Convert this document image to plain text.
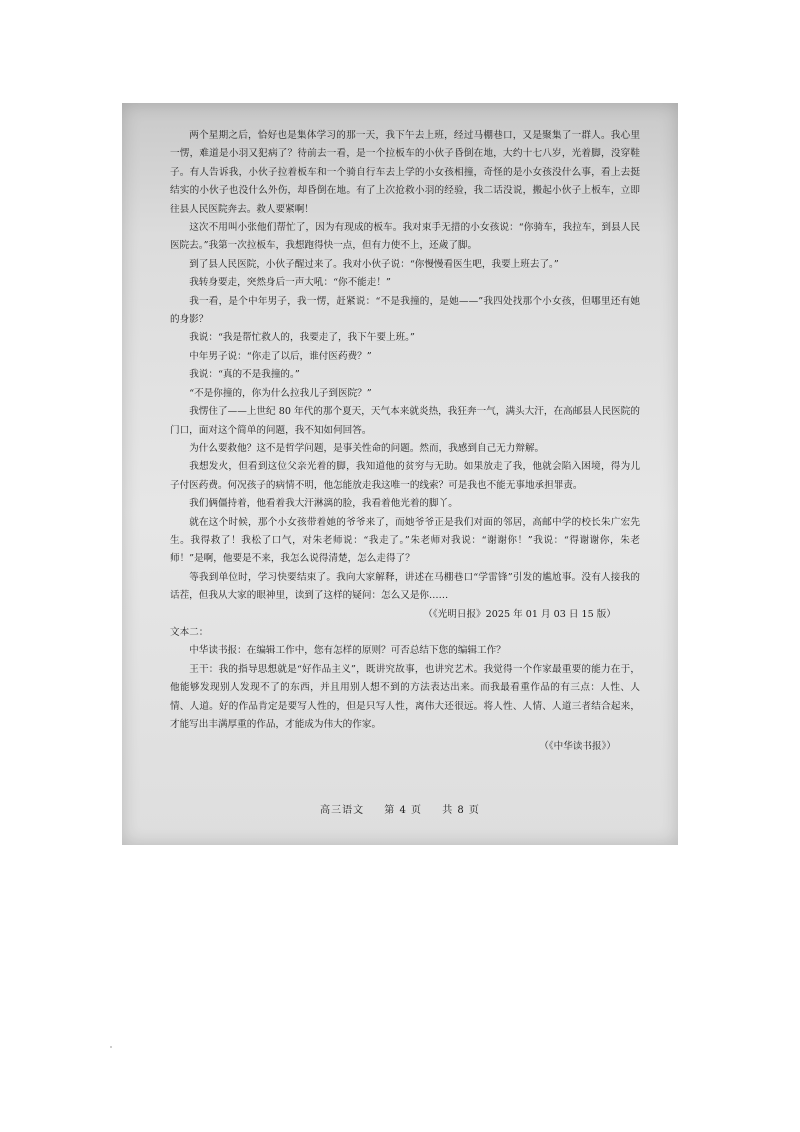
两个星期之后，恰好也是集体学习的那一天，我下午去上班，经过马棚巷口，又是聚集了一群人。我心里一愣，难道是小羽又犯病了？待前去一看，是一个拉板车的小伙子昏倒在地，大约十七八岁，光着脚，没穿鞋子。有人告诉我，小伙子拉着板车和一个骑自行车去上学的小女孩相撞，奇怪的是小女孩没什么事，看上去挺结实的小伙子也没什么外伤，却昏倒在地。有了上次抢救小羽的经验，我二话没说，搬起小伙子上板车，立即往县人民医院奔去。救人要紧啊！

这次不用叫小张他们帮忙了，因为有现成的板车。我对束手无措的小女孩说：“你骑车，我拉车，到县人民医院去。”我第一次拉板车，我想跑得快一点，但有力使不上，还歲了脚。

到了县人民医院，小伙子醒过来了。我对小伙子说：“你慢慢看医生吧，我要上班去了。”

我转身要走，突然身后一声大吼：“你不能走！”

我一看，是个中年男子，我一愣，赶紧说：“不是我撞的，是她——”我四处找那个小女孩，但哪里还有她的身影？

我说：“我是帮忙救人的，我要走了，我下午要上班。”

中年男子说：“你走了以后，谁付医药费？”

我说：“真的不是我撞的。”

“不是你撞的，你为什么拉我儿子到医院？”

我愣住了——上世纪 80 年代的那个夏天，天气本来就炎热，我狂奔一气，满头大汗，在高邮县人民医院的门口，面对这个简单的问题，我不知如何回答。

为什么要救他？这不是哲学问题，是事关性命的问题。然而，我感到自己无力辩解。

我想发火，但看到这位父亲光着的脚，我知道他的贫穷与无助。如果放走了我，他就会陷入困境，得为儿子付医药费。何况孩子的病情不明，他怎能放走我这唯一的线索？可是我也不能无事地承担罪责。

我们俩僵持着，他看着我大汗淋漓的脸，我看着他光着的脚丫。

就在这个时候，那个小女孩带着她的爷爷来了，而她爷爷正是我们对面的邻居，高邮中学的校长朱广宏先生。我得救了！我松了口气，对朱老师说：“我走了。”朱老师对我说：“谢谢你！”我说：“得谢谢你，朱老师！”是啊，他要是不来，我怎么说得清楚，怎么走得了？

等我到单位时，学习快要结束了。我向大家解释，讲述在马棚巷口“学雷锋”引发的尴尬事。没有人接我的话茬，但我从大家的眼神里，读到了这样的疑问：怎么又是你……

（《光明日报》2025 年 01 月 03 日 15 版）

文本二：

中华读书报：在编辑工作中，您有怎样的原则？可否总结下您的编辑工作？

王干：我的指导思想就是“好作品主义”，既讲究故事，也讲究艺术。我觉得一个作家最重要的能力在于，他能够发现别人发现不了的东西，并且用别人想不到的方法表达出来。而我最看重作品的有三点：人性、人情、人道。好的作品肯定是要写人性的，但是只写人性，离伟大还很远。将人性、人情、人道三者结合起来，才能写出丰满厚重的作品，才能成为伟大的作家。

（《中华读书报》）

高三语文 第 4 页 共 8 页
